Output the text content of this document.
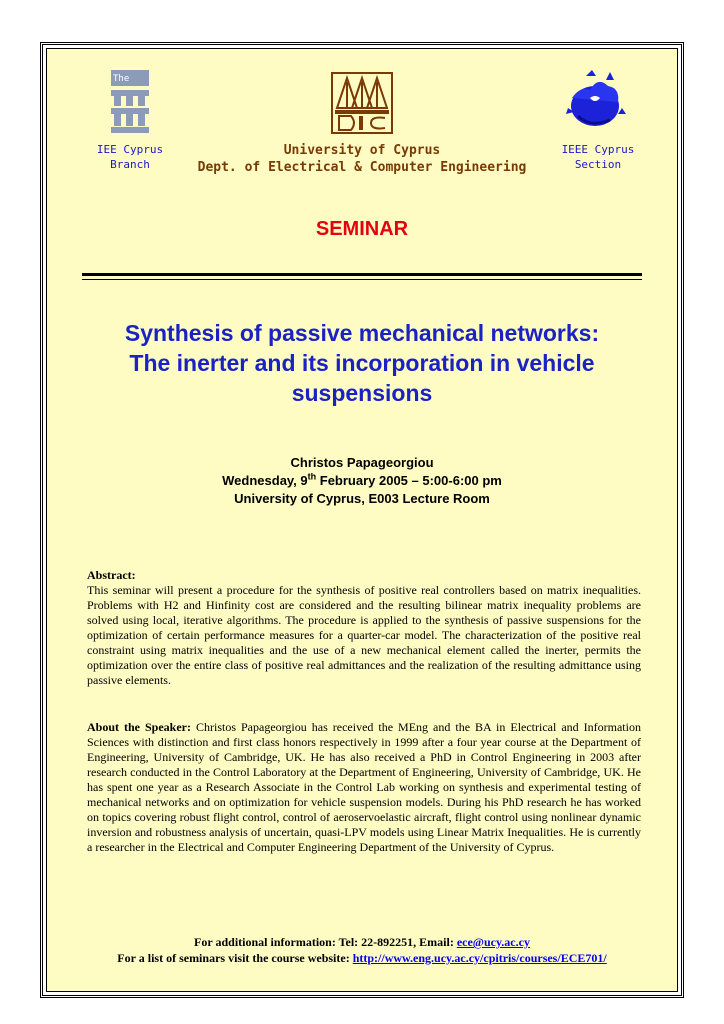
The
IEE Cyprus
Branch
University of Cyprus
Dept. of Electrical & Computer Engineering
IEEE Cyprus
Section
SEMINAR
Synthesis of passive mechanical networks:
The inerter and its incorporation in vehicle
suspensions
Christos Papageorgiou
Wednesday, 9th February 2005 – 5:00-6:00 pm
University of Cyprus, E003 Lecture Room
Abstract:
This seminar will present a procedure for the synthesis of positive real controllers based on matrix inequalities. Problems with H2 and Hinfinity cost are considered and the resulting bilinear matrix inequality problems are solved using local, iterative algorithms. The procedure is applied to the synthesis of passive suspensions for the optimization of certain performance measures for a quarter-car model. The characterization of the positive real constraint using matrix inequalities and the use of a new mechanical element called the inerter, permits the optimization over the entire class of positive real admittances and the realization of the resulting admittance using passive elements.
About the Speaker: Christos Papageorgiou has received the MEng and the BA in Electrical and Information Sciences with distinction and first class honors respectively in 1999 after a four year course at the Department of Engineering, University of Cambridge, UK. He has also received a PhD in Control Engineering in 2003 after research conducted in the Control Laboratory at the Department of Engineering, University of Cambridge, UK. He has spent one year as a Research Associate in the Control Lab working on synthesis and experimental testing of mechanical networks and on optimization for vehicle suspension models. During his PhD research he has worked on topics covering robust flight control, control of aeroservoelastic aircraft, flight control using nonlinear dynamic inversion and robustness analysis of uncertain, quasi-LPV models using Linear Matrix Inequalities. He is currently a researcher in the Electrical and Computer Engineering Department of the University of Cyprus.
For additional information: Tel: 22-892251, Email: ece@ucy.ac.cy
For a list of seminars visit the course website: http://www.eng.ucy.ac.cy/cpitris/courses/ECE701/
